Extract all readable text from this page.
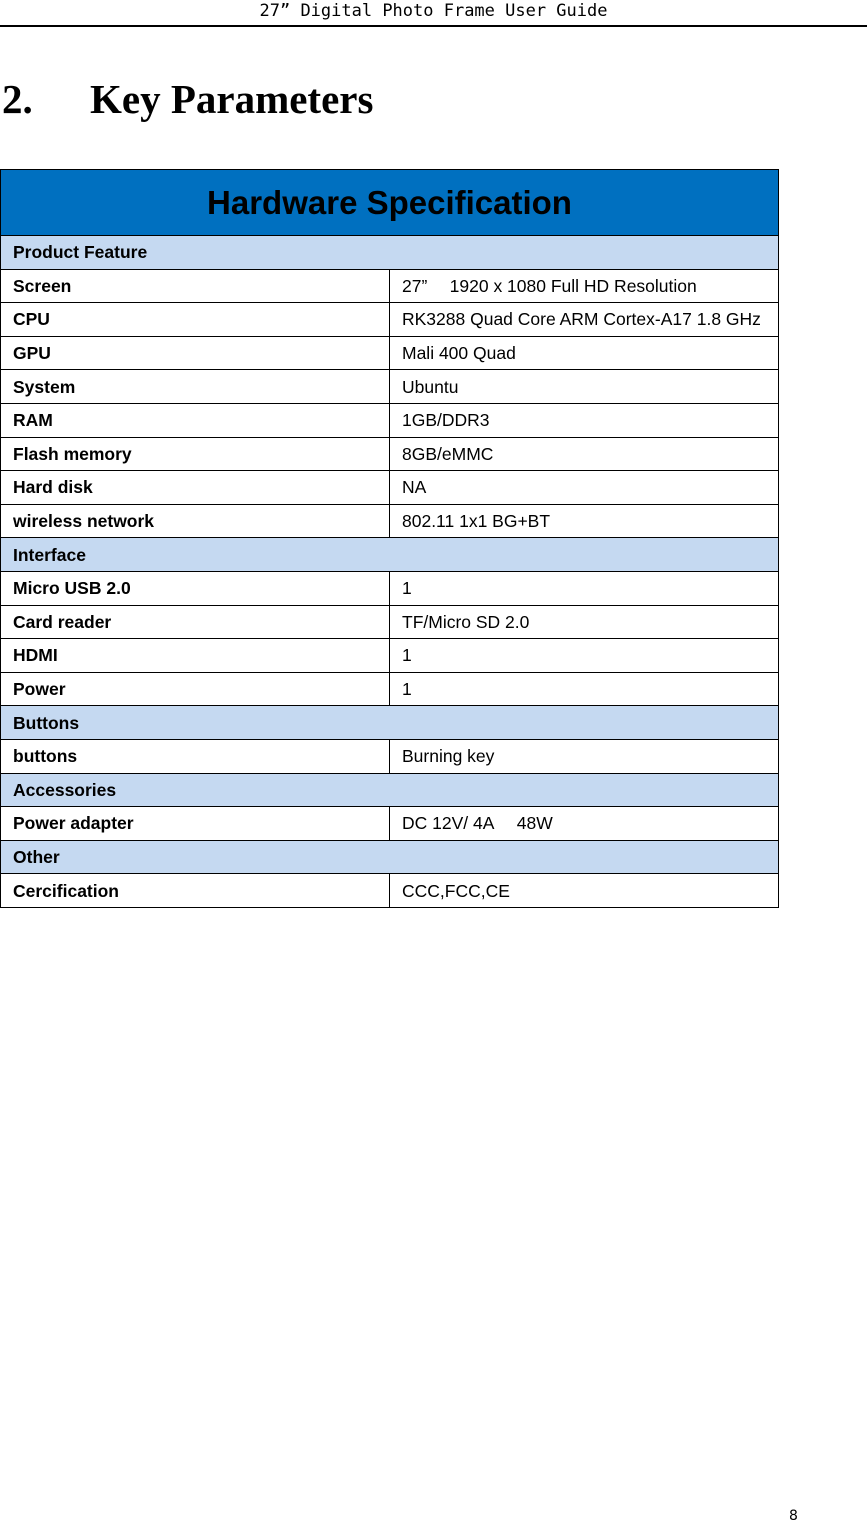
27” Digital Photo Frame User Guide
2. Key Parameters
Hardware Specification	
Product Feature	
Screen	27”  1920 x 1080 Full HD Resolution
CPU	RK3288 Quad Core ARM Cortex-A17 1.8 GHz
GPU	Mali 400 Quad
System	Ubuntu
RAM	1GB/DDR3
Flash memory	8GB/eMMC
Hard disk	NA
wireless network	802.11 1x1 BG+BT
Interface	
Micro USB 2.0	1
Card reader	TF/Micro SD 2.0
HDMI	1
Power	1
Buttons	
buttons	Burning key
Accessories	
Power adapter	DC 12V/ 4A  48W
Other	
Cercification	CCC,FCC,CE
8
